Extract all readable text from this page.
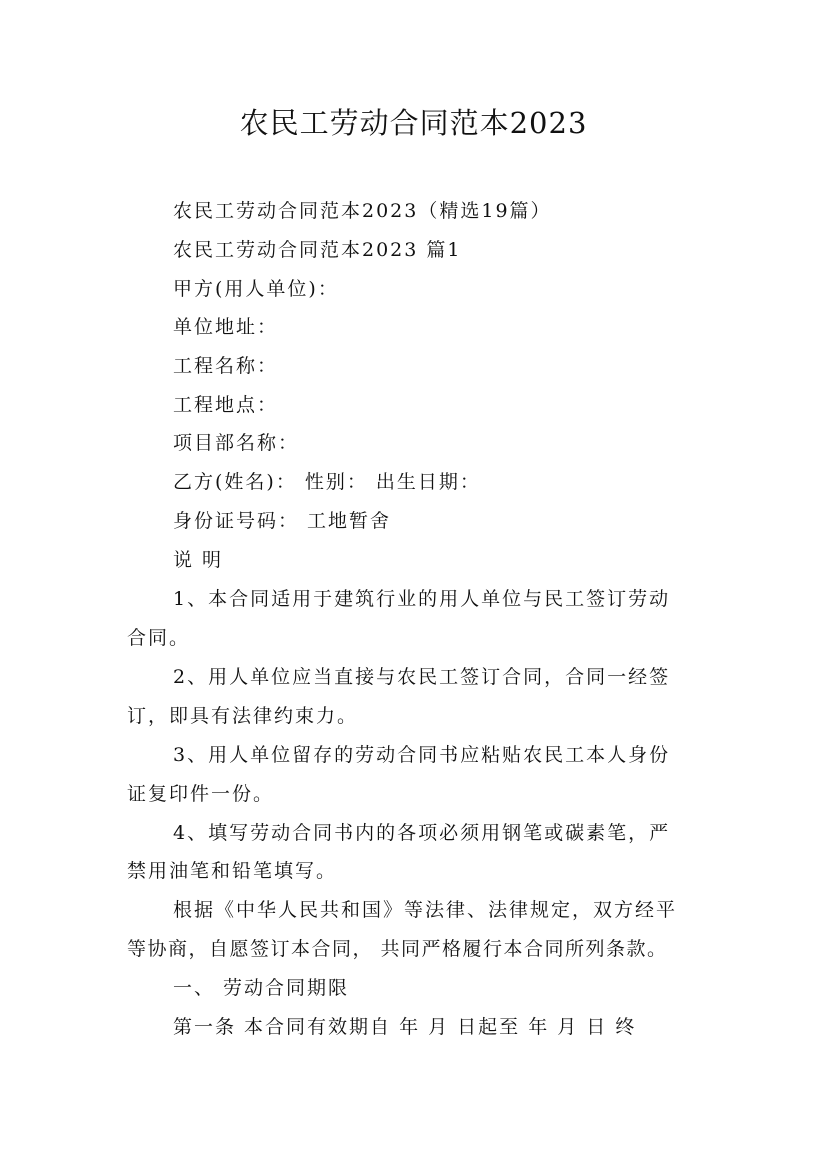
农民工劳动合同范本2023
农民工劳动合同范本2023（精选19篇）
农民工劳动合同范本2023 篇1
甲方(用人单位)：
单位地址：
工程名称：
工程地点：
项目部名称：
乙方(姓名)： 性别： 出生日期：
身份证号码： 工地暂舍
说 明
1、本合同适用于建筑行业的用人单位与民工签订劳动
合同。
2、用人单位应当直接与农民工签订合同，合同一经签
订，即具有法律约束力。
3、用人单位留存的劳动合同书应粘贴农民工本人身份
证复印件一份。
4、填写劳动合同书内的各项必须用钢笔或碳素笔，严
禁用油笔和铅笔填写。
根据《中华人民共和国》等法律、法律规定，双方经平
等协商，自愿签订本合同， 共同严格履行本合同所列条款。
一、 劳动合同期限
第一条 本合同有效期自 年 月 日起至 年 月 日 终
